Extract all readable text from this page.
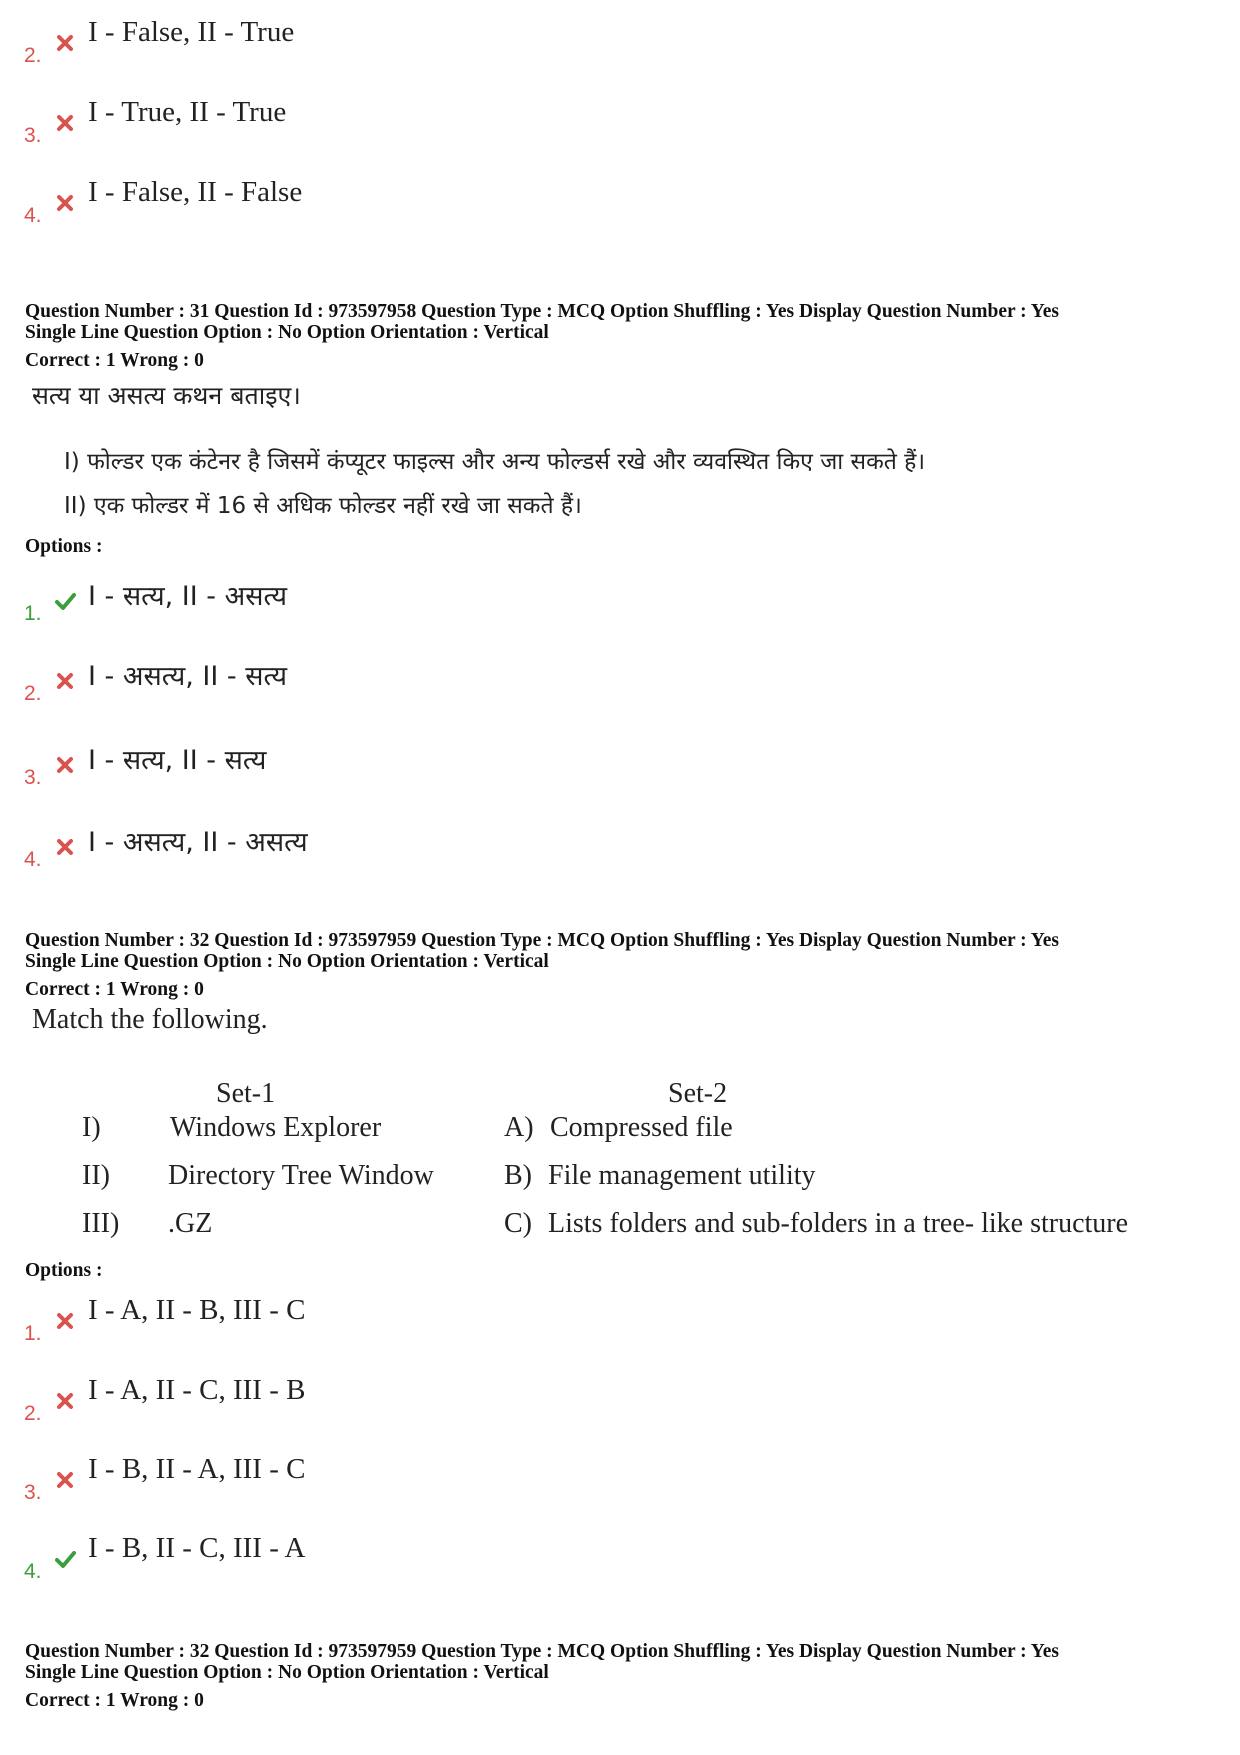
2.
I - False, II - True
3.
I - True, II - True
4.
I - False, II - False
Question Number : 31 Question Id : 973597958 Question Type : MCQ Option Shuffling : Yes Display Question Number : Yes
Single Line Question Option : No Option Orientation : Vertical
Correct : 1 Wrong : 0
सत्य या असत्य कथन बताइए।
I) फोल्डर एक कंटेनर है जिसमें कंप्यूटर फाइल्स और अन्य फोल्डर्स रखे और व्यवस्थित किए जा सकते हैं।
II) एक फोल्डर में 16 से अधिक फोल्डर नहीं रखे जा सकते हैं।
Options :
1.
I - सत्य, II - असत्य
2.
I - असत्य, II - सत्य
3.
I - सत्य, II - सत्य
4.
I - असत्य, II - असत्य
Question Number : 32 Question Id : 973597959 Question Type : MCQ Option Shuffling : Yes Display Question Number : Yes
Single Line Question Option : No Option Orientation : Vertical
Correct : 1 Wrong : 0
Match the following.
Set-1	Set-2
I) Windows Explorer
II) Directory Tree Window
III) .GZ
A) Compressed file
B) File management utility
C) Lists folders and sub-folders in a tree- like structure
Options :
1.
I - A, II - B, III - C
2.
I - A, II - C, III - B
3.
I - B, II - A, III - C
4.
I - B, II - C, III - A
Question Number : 32 Question Id : 973597959 Question Type : MCQ Option Shuffling : Yes Display Question Number : Yes
Single Line Question Option : No Option Orientation : Vertical
Correct : 1 Wrong : 0
